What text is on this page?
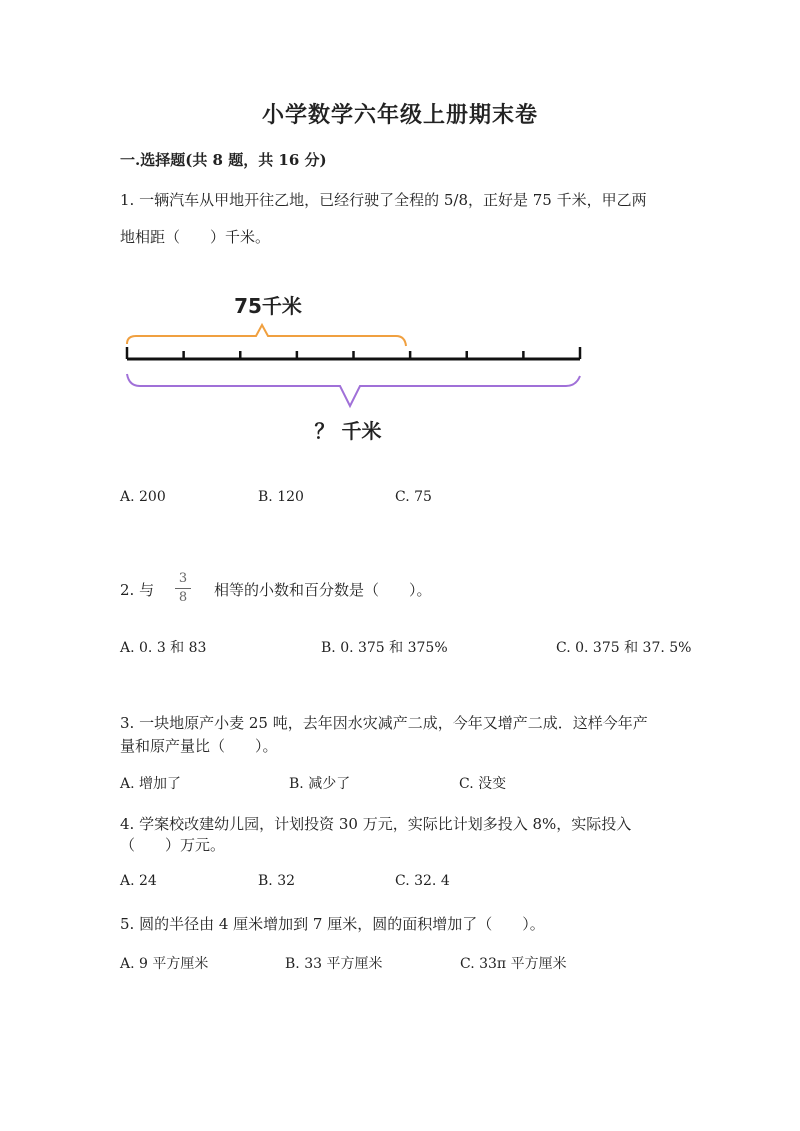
小学数学六年级上册期末卷
一.选择题(共 8 题，共 16 分)
1. 一辆汽车从甲地开往乙地，已经行驶了全程的 5/8，正好是 75 千米，甲乙两
地相距（　　）千米。
75千米
？ 千米
A. 200	B. 120	C. 75
2. 与
3
8	相等的小数和百分数是（　　）。
A. 0. 3 和 83	B. 0. 375 和 375%	C. 0. 375 和 37. 5%
3. 一块地原产小麦 25 吨，去年因水灾减产二成，今年又增产二成．这样今年产
量和原产量比（　　）。
A. 增加了	B. 减少了	C. 没变
4. 学案校改建幼儿园，计划投资 30 万元，实际比计划多投入 8%，实际投入
（　　）万元。
A. 24	B. 32	C. 32. 4
5. 圆的半径由 4 厘米增加到 7 厘米，圆的面积增加了（　　）。
A. 9 平方厘米	B. 33 平方厘米	C. 33π 平方厘米
